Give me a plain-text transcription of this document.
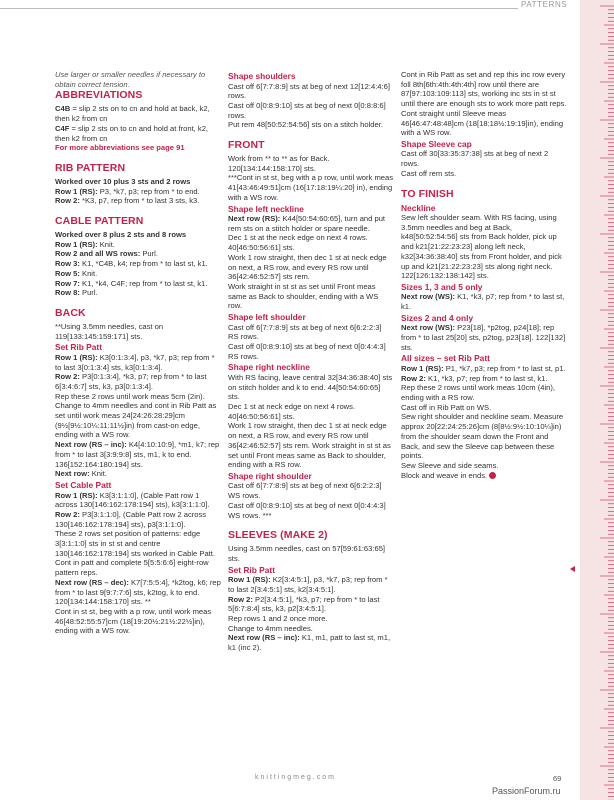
PATTERNS

Use larger or smaller needles if necessary to obtain correct tension.

ABBREVIATIONS

C4B = slip 2 sts on to cn and hold at back, k2, then k2 from cn

C4F = slip 2 sts on to cn and hold at front, k2, then k2 from cn

For more abbreviations see page 91

RIB PATTERN

Worked over 10 plus 3 sts and 2 rows

Row 1 (RS): P3, *k7, p3; rep from * to end.

Row 2: *K3, p7, rep from * to last 3 sts, k3.

CABLE PATTERN

Worked over 8 plus 2 sts and 8 rows

Row 1 (RS): Knit.

Row 2 and all WS rows: Purl.

Row 3: K1, *C4B, k4; rep from * to last st, k1.

Row 5: Knit.

Row 7: K1, *k4, C4F; rep from * to last st, k1.

Row 8: Purl.

BACK

**Using 3.5mm needles, cast on 119[133:145:159:171] sts.

Set Rib Patt

Row 1 (RS): K3[0:1:3:4], p3, *k7, p3; rep from * to last 3[0:1:3:4] sts, k3[0:1:3:4].

Row 2: P3[0:1:3:4], *k3, p7; rep from * to last 6[3:4:6:7] sts, k3, p3[0:1:3:4].

Rep these 2 rows until work meas 5cm (2in).

Change to 4mm needles and cont in Rib Patt as set until work meas 24[24:26:28:29]cm (9½[9½:10¼:11:11½]in) from cast-on edge, ending with a WS row.

Next row (RS – inc): K4[4:10:10:9], *m1, k7; rep from * to last 3[3:9:9:8] sts, m1, k to end. 136[152:164:180:194] sts.

Next row: Knit.

Set Cable Patt

Row 1 (RS): K3[3:1:1:0], (Cable Patt row 1 across 130[146:162:178:194] sts), k3[3:1:1:0].

Row 2: P3[3:1:1:0], (Cable Patt row 2 across 130[146:162:178:194] sts), p3[3:1:1:0].

These 2 rows set position of patterns: edge 3[3:1:1:0] sts in st st and centre 130[146:162:178:194] sts worked in Cable Patt.

Cont in patt and complete 5[5:5:6:6] eight-row pattern reps.

Next row (RS – dec): K7[7:5:5:4], *k2tog, k6; rep from * to last 9[9:7:7:6] sts, k2tog, k to end. 120[134:144:158:170] sts. **

Cont in st st, beg with a p row, until work meas 46[48:52:55:57]cm (18[19:20½:21½:22½]in), ending with a WS row.

Shape shoulders

Cast off 6[7:7:8:9] sts at beg of next 12[12:4:4:6] rows.
Cast off 0[0:8:9:10] sts at beg of next 0[0:8:8:6] rows.
Put rem 48[50:52:54:56] sts on a stitch holder.

FRONT

Work from ** to ** as for Back. 120[134:144:158:170] sts.

***Cont in st st, beg with a p row, until work meas 41[43:46:49:51]cm (16[17:18:19¼:20] in), ending with a WS row.

Shape left neckline

Next row (RS): K44[50:54:60:65], turn and put rem sts on a stitch holder or spare needle.

Dec 1 st at the neck edge on next 4 rows. 40[46:50:56:61] sts.

Work 1 row straight, then dec 1 st at neck edge on next, a RS row, and every RS row until 36[42:46:52:57] sts rem.

Work straight in st st as set until Front meas same as Back to shoulder, ending with a WS row.

Shape left shoulder

Cast off 6[7:7:8:9] sts at beg of next 6[6:2:2:3] RS rows.
Cast off 0[0:8:9:10] sts at beg of next 0[0:4:4:3] RS rows.

Shape right neckline

With RS facing, leave central 32[34:36:38:40] sts on stitch holder and k to end. 44[50:54:60:65] sts.

Dec 1 st at neck edge on next 4 rows. 40[46:50:56:61] sts.

Work 1 row straight, then dec 1 st at neck edge on next, a RS row, and every RS row until 36[42:46:52:57] sts rem. Work straight in st st as set until Front meas same as Back to shoulder, ending with a RS row.

Shape right shoulder

Cast off 6[7:7:8:9] sts at beg of next 6[6:2:2:3] WS rows.
Cast off 0[0:8:9:10] sts at beg of next 0[0:4:4:3] WS rows. ***

SLEEVES (MAKE 2)

Using 3.5mm needles, cast on 57[59:61:63:65] sts.

Set Rib Patt

Row 1 (RS): K2[3:4:5:1], p3, *k7, p3; rep from * to last 2[3:4:5:1] sts, k2[3:4:5:1].

Row 2: P2[3:4:5:1], *k3, p7; rep from * to last 5[6:7:8:4] sts, k3, p2[3:4:5:1].

Rep rows 1 and 2 once more.
Change to 4mm needles.

Next row (RS – inc): K1, m1, patt to last st, m1, k1 (inc 2).

Cont in Rib Patt as set and rep this inc row every foll 8th[6th:4th:4th:4th] row until there are 87[97:103:109:113] sts, working inc sts in st st until there are enough sts to work more patt reps.

Cont straight until Sleeve meas 46[46:47:48:48]cm (18[18:18½:19:19]in), ending with a WS row.

Shape Sleeve cap

Cast off 30[33:35:37:38] sts at beg of next 2 rows.
Cast off rem sts.

TO FINISH
Neckline

Sew left shoulder seam. With RS facing, using 3.5mm needles and beg at Back, k48[50:52:54:56] sts from Back holder, pick up and k21[21:22:23:23] along left neck, k32[34:36:38:40] sts from Front holder, and pick up and k21[21:22:23:23] sts along right neck. 122[126:132:138:142] sts.

Sizes 1, 3 and 5 only

Next row (WS): K1, *k3, p7; rep from * to last st, k1.

Sizes 2 and 4 only

Next row (WS): P23[18], *p2tog, p24[18]; rep from * to last 25[20] sts, p2tog, p23[18]. 122[132] sts.

All sizes – set Rib Patt

Row 1 (RS): P1, *k7, p3; rep from * to last st, p1.

Row 2: K1, *k3, p7; rep from * to last st, k1.

Rep these 2 rows until work meas 10cm (4in), ending with a RS row.
Cast off in Rib Patt on WS.

Sew right shoulder and neckline seam. Measure approx 20[22:24:25:26]cm (8[8½:9½:10:10¼]in) from the shoulder seam down the Front and Back, and sew the Sleeve cap between these points.
Sew Sleeve and side seams.
Block and weave in ends.

knittingmeg.com	69
PassionForum.ru
